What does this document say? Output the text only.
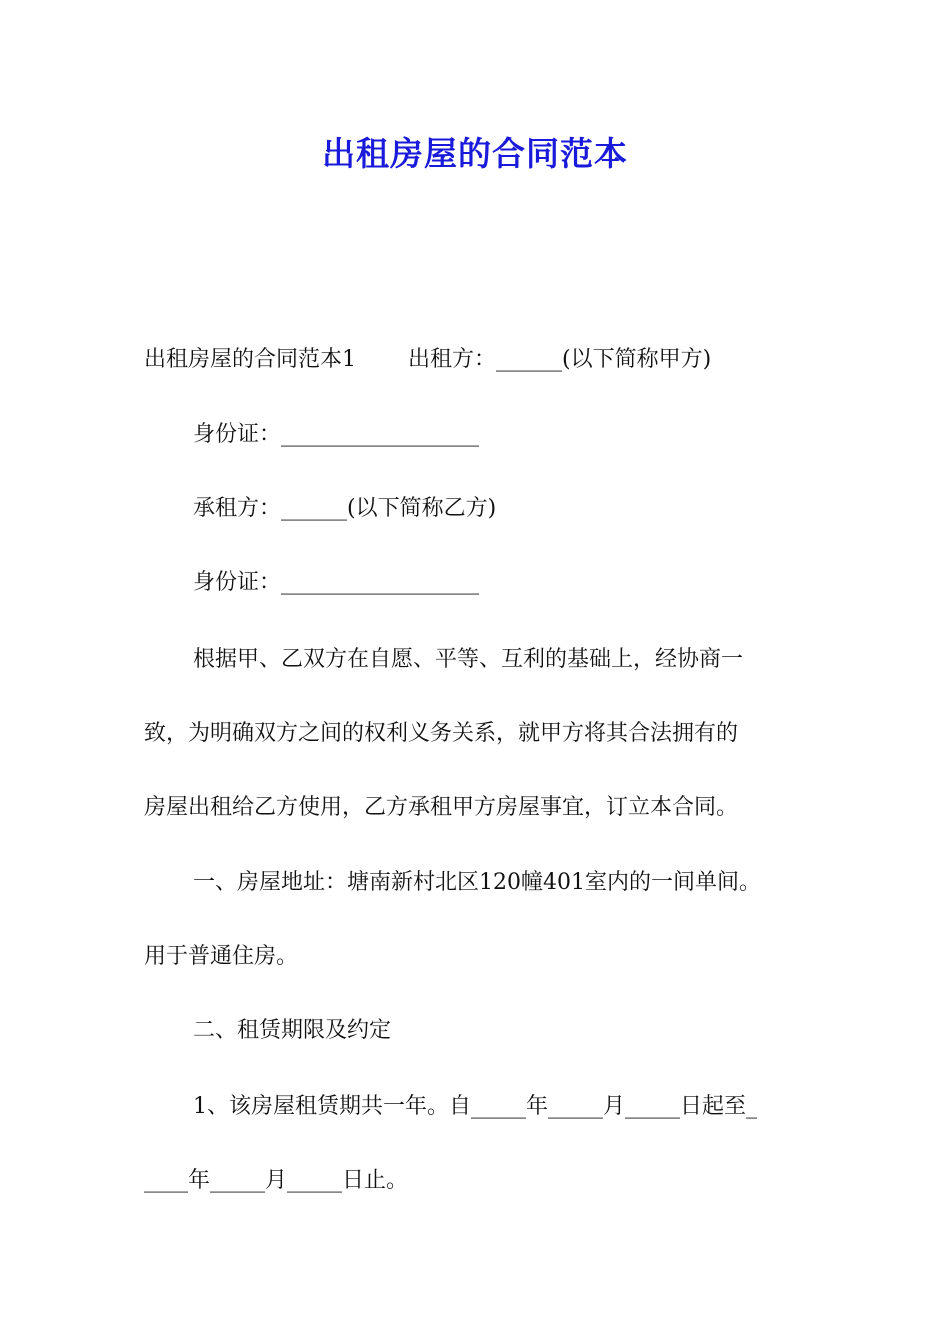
出租房屋的合同范本
出租房屋的合同范本1 出租方：______(以下简称甲方)
身份证：__________________
承租方：______(以下简称乙方)
身份证：__________________
根据甲、乙双方在自愿、平等、互利的基础上，经协商一
致，为明确双方之间的权利义务关系，就甲方将其合法拥有的
房屋出租给乙方使用，乙方承租甲方房屋事宜，订立本合同。
一、房屋地址：塘南新村北区120幢401室内的一间单间。
用于普通住房。
二、租赁期限及约定
1、该房屋租赁期共一年。自_____年_____月_____日起至_
____年_____月_____日止。
